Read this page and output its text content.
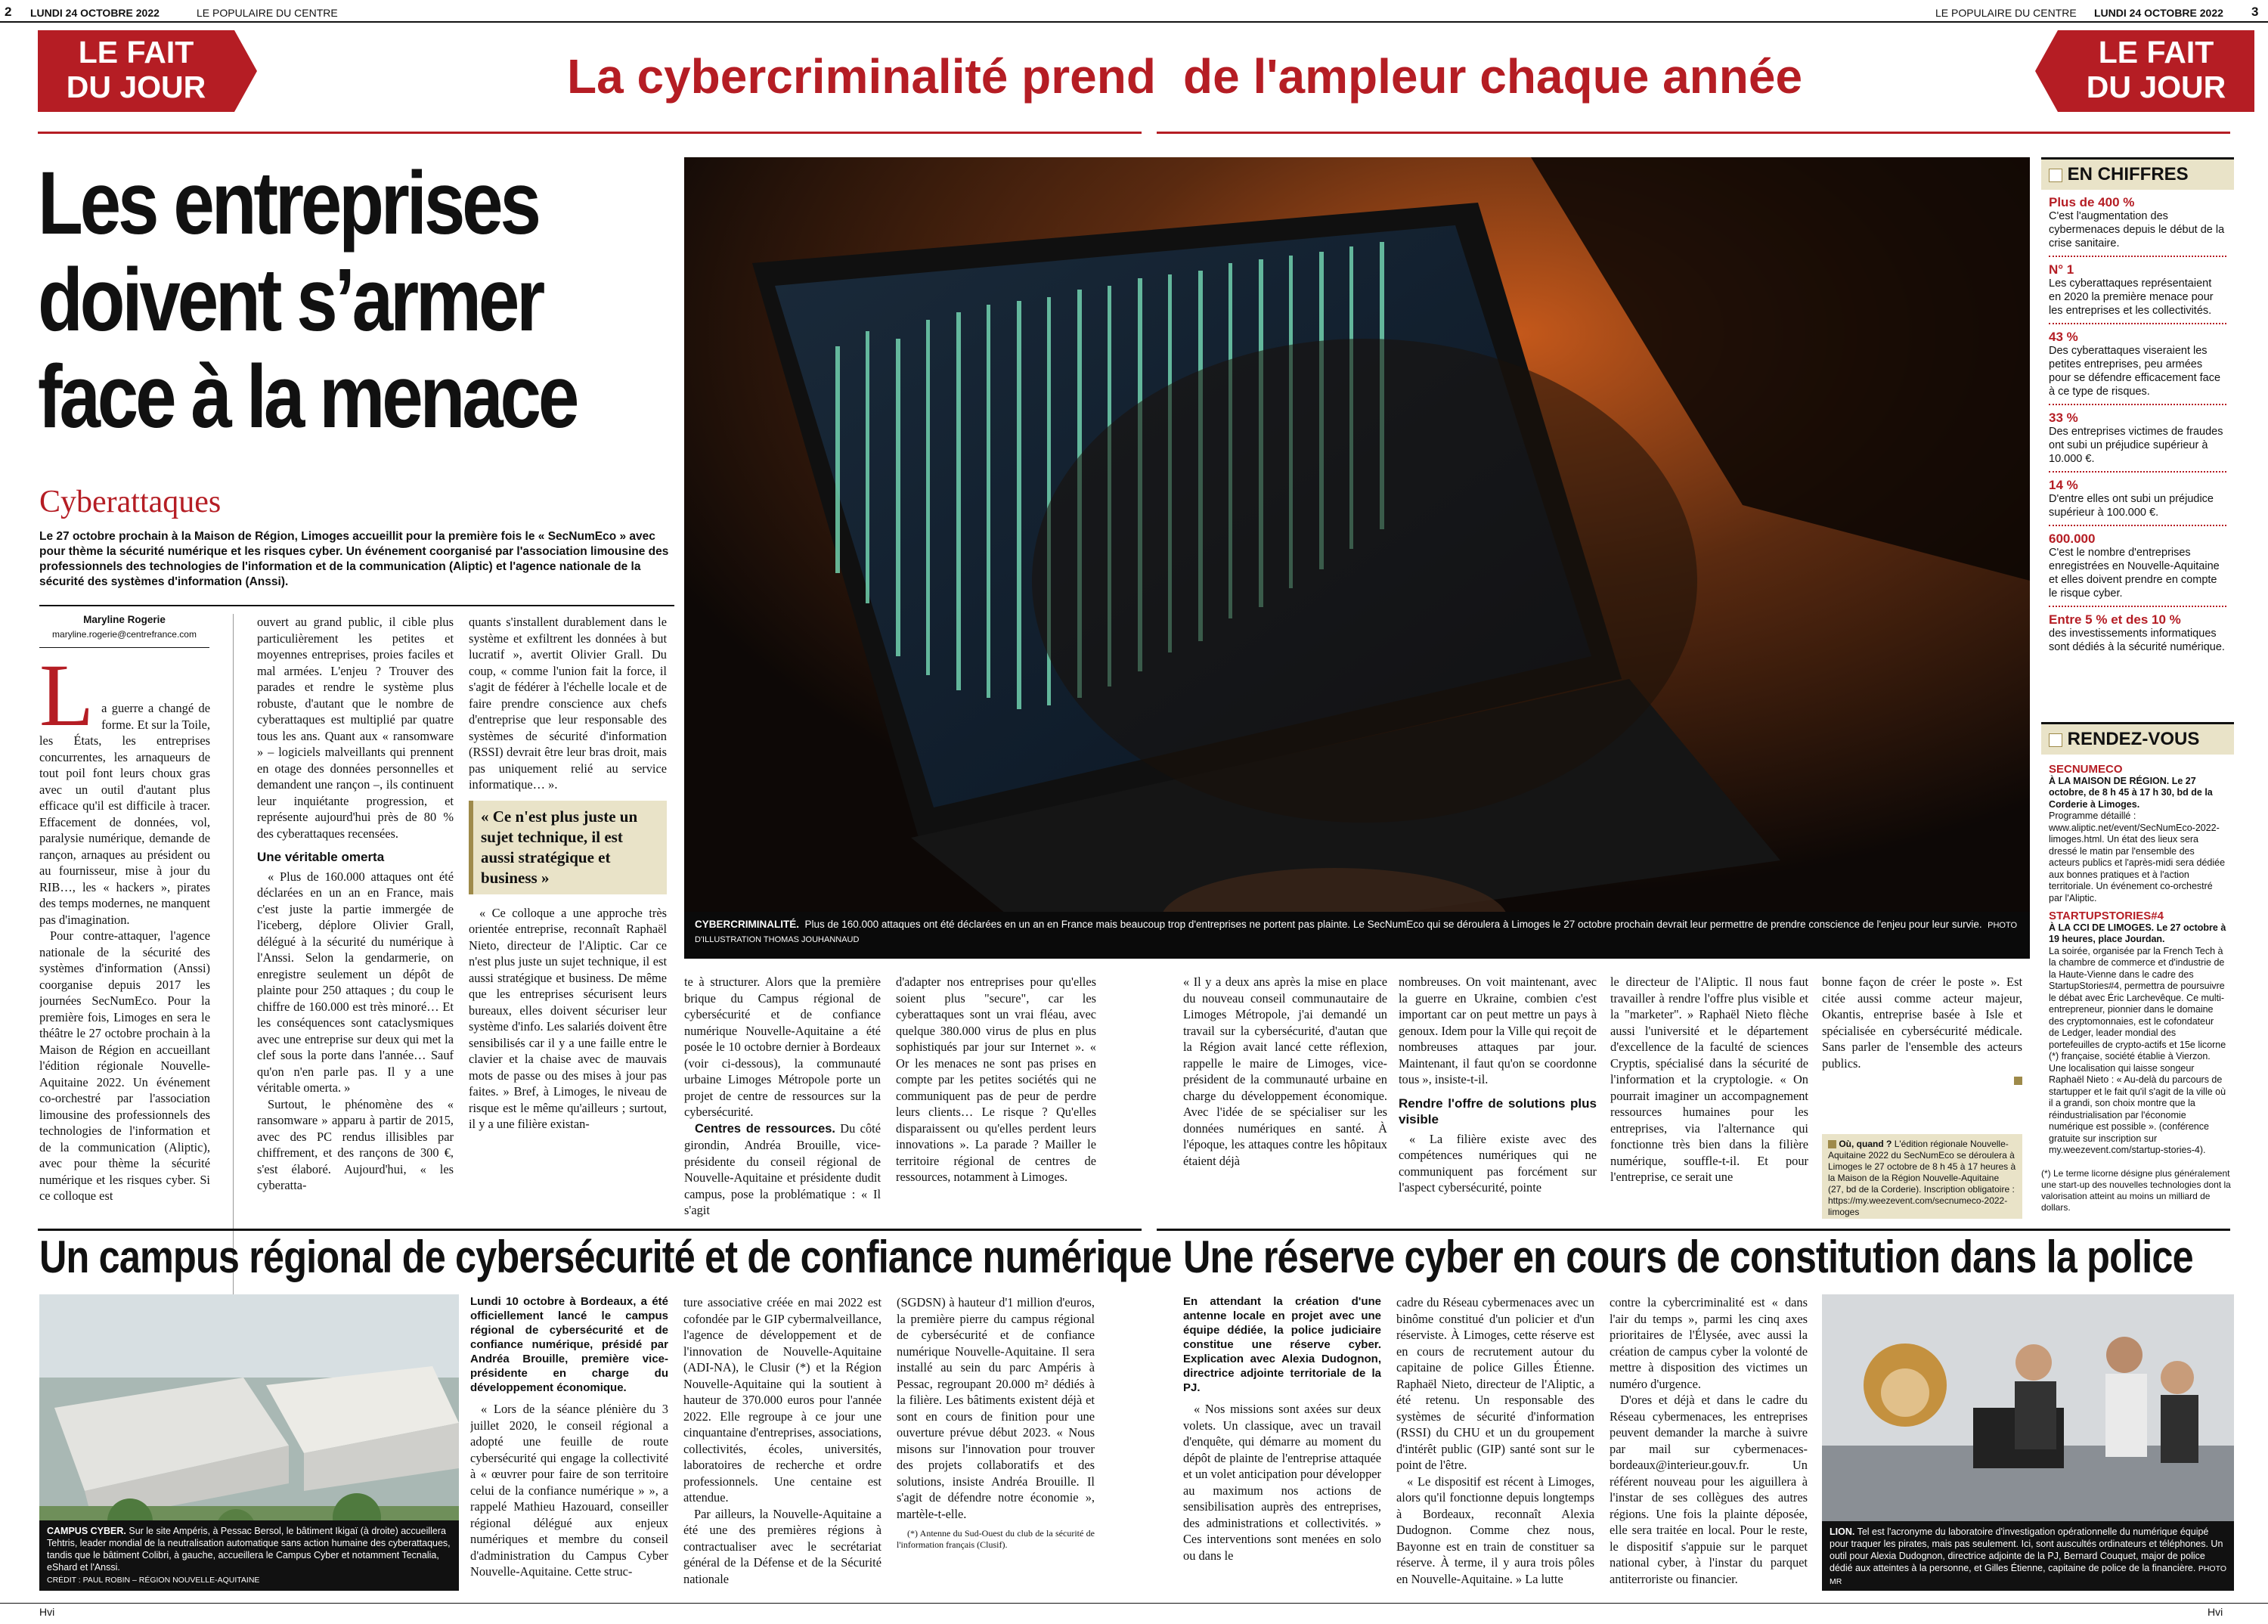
2 LUNDI 24 OCTOBRE 2022	LE POPULAIRE DU CENTRE	LE POPULAIRE DU CENTRE LUNDI 24 OCTOBRE 2022 3
LE FAIT
DU JOUR
LE FAIT
DU JOUR
La cybercriminalité prend de l'ampleur chaque année
Les entreprises
doivent s’armer
face à la menace
Cyberattaques
Le 27 octobre prochain à la Maison de Région, Limoges accueillit pour la première fois le « SecNumEco » avec pour thème la sécurité numérique et les risques cyber. Un événement coorganisé par l'association limousine des professionnels des technologies de l'information et de la communication (Aliptic) et l'agence nationale de la sécurité des systèmes d'information (Anssi).
Maryline Rogerie
maryline.rogerie@centrefrance.com
L a guerre a changé de forme. Et sur la Toile, les États, les entreprises concurrentes, les arnaqueurs de tout poil font leurs choux gras avec un outil d'autant plus efficace qu'il est difficile à tracer. Effacement de données, vol, paralysie numérique, demande de rançon, arnaques au président ou au fournisseur, mise à jour du RIB…, les « hackers », pirates des temps modernes, ne manquent pas d'imagination.

Pour contre-attaquer, l'agence nationale de la sécurité des systèmes d'information (Anssi) coorganise depuis 2017 les journées SecNumEco. Pour la première fois, Limoges en sera le théâtre le 27 octobre prochain à la Maison de Région en accueillant l'édition régionale Nouvelle-Aquitaine 2022. Un événement co-orchestré par l'association limousine des professionnels des technologies de l'information et de la communication (Aliptic), avec pour thème la sécurité numérique et les risques cyber. Si ce colloque est

ouvert au grand public, il cible plus particulièrement les petites et moyennes entreprises, proies faciles et mal armées. L'enjeu ? Trouver des parades et rendre le système plus robuste, d'autant que le nombre de cyberattaques est multiplié par quatre tous les ans. Quant aux « ransomware » – logiciels malveillants qui prennent en otage des données personnelles et demandent une rançon –, ils continuent leur inquiétante progression, et représente aujourd'hui près de 80 % des cyberattaques recensées.

Une véritable omerta

« Plus de 160.000 attaques ont été déclarées en un an en France, mais c'est juste la partie immergée de l'iceberg, déplore Olivier Grall, délégué à la sécurité du numérique à l'Anssi. Selon la gendarmerie, on enregistre seulement un dépôt de plainte pour 250 attaques ; du coup le chiffre de 160.000 est très minoré… Et les conséquences sont cataclysmiques avec une entreprise sur deux qui met la clef sous la porte dans l'année… Sauf qu'on n'en parle pas. Il y a une véritable omerta. »

Surtout, le phénomène des « ransomware » apparu à partir de 2015, avec des PC rendus illisibles par chiffrement, et des rançons de 300 €, s'est élaboré. Aujourd'hui, « les cyberatta-

quants s'installent durablement dans le système et exfiltrent les données à but lucratif », avertit Olivier Grall. Du coup, « comme l'union fait la force, il s'agit de fédérer à l'échelle locale et de faire prendre conscience aux chefs d'entreprise que leur responsable des systèmes de sécurité d'information (RSSI) devrait être leur bras droit, mais pas uniquement relié au service informatique… ».

« Ce n'est plus juste un sujet technique, il est aussi stratégique et business »

« Ce colloque a une approche très orientée entreprise, reconnaît Raphaël Nieto, directeur de l'Aliptic. Car ce n'est plus juste un sujet technique, il est aussi stratégique et business. De même que les entreprises sécurisent leurs bureaux, elles doivent sécuriser leur système d'info. Les salariés doivent être sensibilisés car il y a une faille entre le clavier et la chaise avec de mauvais mots de passe ou des mises à jour pas faites. » Bref, à Limoges, le niveau de risque est le même qu'ailleurs ; surtout, il y a une filière existan-

CYBERCRIMINALITÉ. Plus de 160.000 attaques ont été déclarées en un an en France mais beaucoup trop d'entreprises ne portent pas plainte. Le SecNumEco qui se déroulera à Limoges le 27 octobre prochain devrait leur permettre de prendre conscience de l'enjeu pour leur survie. PHOTO D'ILLUSTRATION THOMAS JOUHANNAUD

te à structurer. Alors que la première brique du Campus régional de cybersécurité et de confiance numérique Nouvelle-Aquitaine a été posée le 10 octobre dernier à Bordeaux (voir ci-dessous), la communauté urbaine Limoges Métropole porte un projet de centre de ressources sur la cybersécurité.

Centres de ressources. Du côté girondin, Andréa Brouille, vice-présidente du conseil régional de Nouvelle-Aquitaine et présidente dudit campus, pose la problématique : « Il s'agit

d'adapter nos entreprises pour qu'elles soient plus "secure", car les cyberattaques sont un vrai fléau, avec quelque 380.000 virus de plus en plus sophistiqués par jour sur Internet ». « Or les menaces ne sont pas prises en compte par les petites sociétés qui ne communiquent pas de peur de perdre leurs clients… Le risque ? Qu'elles disparaissent ou qu'elles perdent leurs innovations ». La parade ? Mailler le territoire régional de centres de ressources, notamment à Limoges.

« Il y a deux ans après la mise en place du nouveau conseil communautaire de Limoges Métropole, j'ai demandé un travail sur la cybersécurité, d'autan que la Région avait lancé cette réflexion, rappelle le maire de Limoges, vice-président de la communauté urbaine en charge du développement économique. Avec l'idée de se spécialiser sur les données numériques en santé. À l'époque, les attaques contre les hôpitaux étaient déjà

nombreuses. On voit maintenant, avec la guerre en Ukraine, combien c'est important car on peut mettre un pays à genoux. Idem pour la Ville qui reçoit de nombreuses attaques par jour. Maintenant, il faut qu'on se coordonne tous », insiste-t-il.

Rendre l'offre de solutions plus visible

« La filière existe avec des compétences numériques qui ne communiquent pas forcément sur l'aspect cybersécurité, pointe

le directeur de l'Aliptic. Il nous faut travailler à rendre l'offre plus visible et la "marketer". » Raphaël Nieto flèche aussi l'université et le département d'excellence de la faculté de sciences Cryptis, spécialisé dans la sécurité de l'information et la cryptologie. « On pourrait imaginer un accompagnement ressources humaines pour les entreprises, via l'alternance qui fonctionne très bien dans la filière numérique, souffle-t-il. Et pour l'entreprise, ce serait une

bonne façon de créer le poste ». Est citée aussi comme acteur majeur, Okantis, entreprise basée à Isle et spécialisée en cybersécurité médicale. Sans parler de l'ensemble des acteurs publics.

Où, quand ? L'édition régionale Nouvelle-Aquitaine 2022 du SecNumEco se déroulera à Limoges le 27 octobre de 8 h 45 à 17 heures à la Maison de la Région Nouvelle-Aquitaine (27, bd de la Corderie). Inscription obligatoire : https://my.weezevent.com/secnumeco-2022-limoges
EN CHIFFRES
Plus de 400 %
C'est l'augmentation des cybermenaces depuis le début de la crise sanitaire.
N° 1
Les cyberattaques représentaient en 2020 la première menace pour les entreprises et les collectivités.
43 %
Des cyberattaques viseraient les petites entreprises, peu armées pour se défendre efficacement face à ce type de risques.
33 %
Des entreprises victimes de fraudes ont subi un préjudice supérieur à 10.000 €.
14 %
D'entre elles ont subi un préjudice supérieur à 100.000 €.
600.000
C'est le nombre d'entreprises enregistrées en Nouvelle-Aquitaine et elles doivent prendre en compte le risque cyber.
Entre 5 % et des 10 %
des investissements informatiques sont dédiés à la sécurité numérique.
RENDEZ-VOUS
SECNUMECO
À LA MAISON DE RÉGION. Le 27 octobre, de 8 h 45 à 17 h 30, bd de la Corderie à Limoges.
Programme détaillé : www.aliptic.net/event/SecNumEco-2022-limoges.html. Un état des lieux sera dressé le matin par l'ensemble des acteurs publics et l'après-midi sera dédiée aux bonnes pratiques et à l'action territoriale. Un événement co-orchestré par l'Aliptic.
STARTUPSTORIES#4
À LA CCI DE LIMOGES. Le 27 octobre à 19 heures, place Jourdan.
La soirée, organisée par la French Tech à la chambre de commerce et d'industrie de la Haute-Vienne dans le cadre des StartupStories#4, permettra de poursuivre le débat avec Éric Larchevêque. Ce multi-entrepreneur, pionnier dans le domaine des cryptomonnaies, est le cofondateur de Ledger, leader mondial des portefeuilles de crypto-actifs et 15e licorne (*) française, société établie à Vierzon. Une localisation qui laisse songeur Raphaël Nieto : « Au-delà du parcours de startupper et le fait qu'il s'agit de la ville où il a grandi, son choix montre que la réindustrialisation par l'économie numérique est possible ». (conférence gratuite sur inscription sur my.weezevent.com/startup-stories-4).
(*) Le terme licorne désigne plus généralement une start-up des nouvelles technologies dont la valorisation atteint au moins un milliard de dollars.
Un campus régional de cybersécurité et de confiance numérique
CAMPUS CYBER. Sur le site Ampéris, à Pessac Bersol, le bâtiment Ikigaï (à droite) accueillera Tehtris, leader mondial de la neutralisation automatique sans action humaine des cyberattaques, tandis que le bâtiment Colibri, à gauche, accueillera le Campus Cyber et notamment Tecnalia, eShard et l'Anssi.
CRÉDIT : PAUL ROBIN – RÉGION NOUVELLE-AQUITAINE
Lundi 10 octobre à Bordeaux, a été officiellement lancé le campus régional de cybersécurité et de confiance numérique, présidé par Andréa Brouille, première vice-présidente en charge du développement économique.

« Lors de la séance plénière du 3 juillet 2020, le conseil régional a adopté une feuille de route cybersécurité qui engage la collectivité à « œuvrer pour faire de son territoire celui de la confiance numérique » », a rappelé Mathieu Hazouard, conseiller régional délégué aux enjeux numériques et membre du conseil d'administration du Campus Cyber Nouvelle-Aquitaine. Cette struc-

ture associative créée en mai 2022 est cofondée par le GIP cybermalveillance, l'agence de développement et de l'innovation de Nouvelle-Aquitaine (ADI-NA), le Clusir (*) et la Région Nouvelle-Aquitaine qui la soutient à hauteur de 370.000 euros pour l'année 2022. Elle regroupe à ce jour une cinquantaine d'entreprises, associations, collectivités, écoles, universités, laboratoires de recherche et ordre professionnels. Une centaine est attendue.

Par ailleurs, la Nouvelle-Aquitaine a été une des premières régions à contractualiser avec le secrétariat général de la Défense et de la Sécurité nationale

(SGDSN) à hauteur d'1 million d'euros, la première pierre du campus régional de cybersécurité et de confiance numérique Nouvelle-Aquitaine. Il sera installé au sein du parc Ampéris à Pessac, regroupant 20.000 m² dédiés à la filière. Les bâtiments existent déjà et sont en cours de finition pour une ouverture prévue début 2023. « Nous misons sur l'innovation pour trouver des projets collaboratifs et des solutions, insiste Andréa Brouille. Il s'agit de défendre notre économie », martèle-t-elle.

(*) Antenne du Sud-Ouest du club de la sécurité de l'information français (Clusif).

Une réserve cyber en cours de constitution dans la police
En attendant la création d'une antenne locale en projet avec une équipe dédiée, la police judiciaire constitue une réserve cyber. Explication avec Alexia Dudognon, directrice adjointe territoriale de la PJ.

« Nos missions sont axées sur deux volets. Un classique, avec un travail d'enquête, qui démarre au moment du dépôt de plainte de l'entreprise attaquée et un volet anticipation pour développer au maximum nos actions de sensibilisation auprès des entreprises, des administrations et collectivités. » Ces interventions sont menées en solo ou dans le

cadre du Réseau cybermenaces avec un binôme constitué d'un policier et d'un réserviste. À Limoges, cette réserve est en cours de recrutement autour du capitaine de police Gilles Étienne. Raphaël Nieto, directeur de l'Aliptic, a été retenu. Un responsable des systèmes de sécurité d'information (RSSI) du CHU et un du groupement d'intérêt public (GIP) santé sont sur le point de l'être.

« Le dispositif est récent à Limoges, alors qu'il fonctionne depuis longtemps à Bordeaux, reconnaît Alexia Dudognon. Comme chez nous, Bayonne est en train de constituer sa réserve. À terme, il y aura trois pôles en Nouvelle-Aquitaine. » La lutte

contre la cybercriminalité est « dans l'air du temps », parmi les cinq axes prioritaires de l'Élysée, avec aussi la création de campus cyber la volonté de mettre à disposition des victimes un numéro d'urgence.

D'ores et déjà et dans le cadre du Réseau cybermenaces, les entreprises peuvent demander la marche à suivre par mail sur cybermenaces-bordeaux@interieur.gouv.fr. Un référent nouveau pour les aiguillera à l'instar de ses collègues des autres régions. Une fois la plainte déposée, elle sera traitée en local. Pour le reste, le dispositif s'appuie sur le parquet national cyber, à l'instar du parquet antiterroriste ou financier.

LION. Tel est l'acronyme du laboratoire d'investigation opérationnelle du numérique équipé pour traquer les pirates, mais pas seulement. Ici, sont auscultés ordinateurs et téléphones. Un outil pour Alexia Dudognon, directrice adjointe de la PJ, Bernard Couquet, major de police dédié aux atteintes à la personne, et Gilles Étienne, capitaine de police de la financière. PHOTO MR
Hvi	Hvi
